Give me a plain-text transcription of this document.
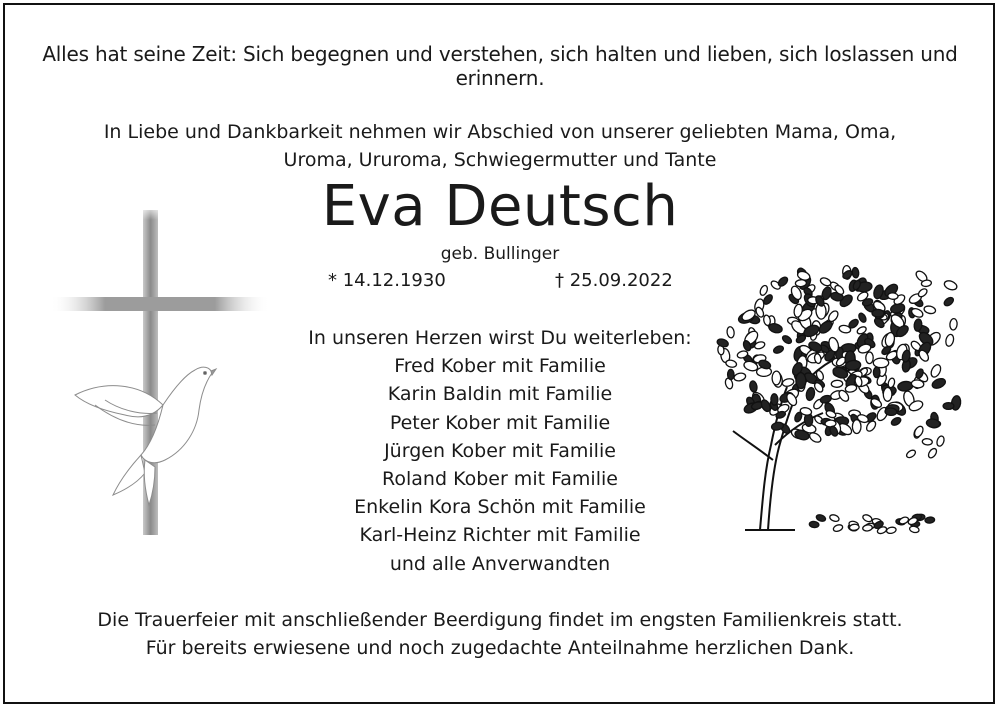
Alles hat seine Zeit: Sich begegnen und verstehen, sich halten und lieben, sich loslassen und erinnern.
In Liebe und Dankbarkeit nehmen wir Abschied von unserer geliebten Mama, Oma,
Uroma, Ururoma, Schwiegermutter und Tante
Eva Deutsch
geb. Bullinger
* 14.12.1930	† 25.09.2022
In unseren Herzen wirst Du weiterleben:
Fred Kober mit Familie
Karin Baldin mit Familie
Peter Kober mit Familie
Jürgen Kober mit Familie
Roland Kober mit Familie
Enkelin Kora Schön mit Familie
Karl-Heinz Richter mit Familie
und alle Anverwandten
Die Trauerfeier mit anschließender Beerdigung findet im engsten Familienkreis statt.
Für bereits erwiesene und noch zugedachte Anteilnahme herzlichen Dank.
